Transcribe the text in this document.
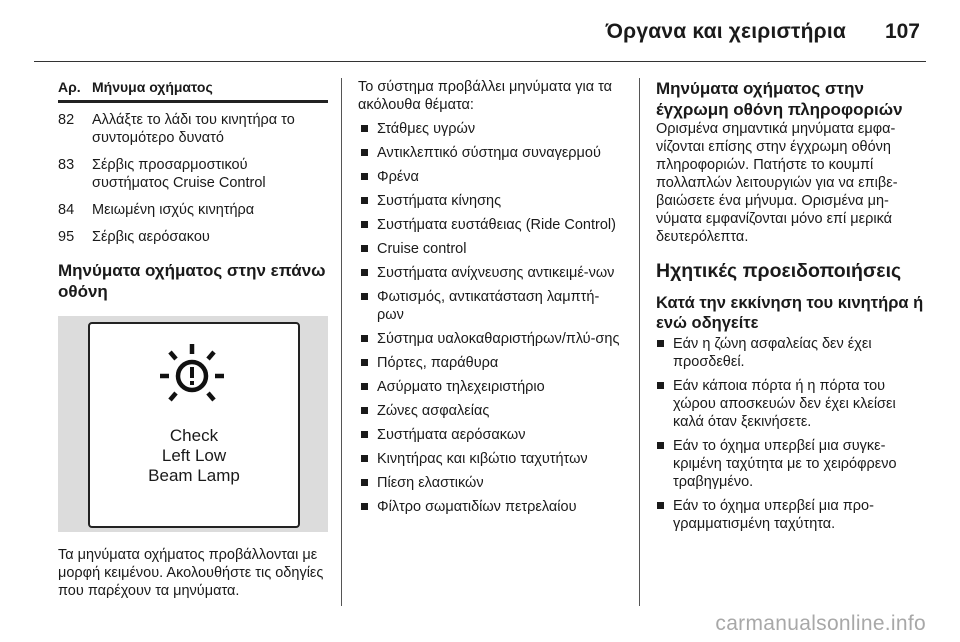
Όργανα και χειριστήρια 107
Αρ. Μήνυμα οχήματος
82	Αλλάξτε το λάδι του κινητήρα το συντομότερο δυνατό
83	Σέρβις προσαρμοστικού συστήματος Cruise Control
84	Μειωμένη ισχύς κινητήρα
95	Σέρβις αερόσακου
Μηνύματα οχήματος στην επάνω οθόνη
Check
Left Low
Beam Lamp
Τα μηνύματα οχήματος προβάλλονται με μορφή κειμένου. Ακολουθήστε τις οδηγίες που παρέχουν τα μηνύματα.
Το σύστημα προβάλλει μηνύματα για τα ακόλουθα θέματα:
Στάθμες υγρών
Αντικλεπτικό σύστημα συναγερμού
Φρένα
Συστήματα κίνησης
Συστήματα ευστάθειας (Ride Control)
Cruise control
Συστήματα ανίχνευσης αντικειμέ-νων
Φωτισμός, αντικατάσταση λαμπτή-ρων
Σύστημα υαλοκαθαριστήρων/πλύ-σης
Πόρτες, παράθυρα
Ασύρματο τηλεχειριστήριο
Ζώνες ασφαλείας
Συστήματα αερόσακων
Κινητήρας και κιβώτιο ταχυτήτων
Πίεση ελαστικών
Φίλτρο σωματιδίων πετρελαίου
Μηνύματα οχήματος στην έγχρωμη οθόνη πληροφοριών
Ορισμένα σημαντικά μηνύματα εμφα-νίζονται επίσης στην έγχρωμη οθόνη πληροφοριών. Πατήστε το κουμπί πολλαπλών λειτουργιών για να επιβε-βαιώσετε ένα μήνυμα. Ορισμένα μη-νύματα εμφανίζονται μόνο επί μερικά δευτερόλεπτα.
Ηχητικές προειδοποιήσεις
Κατά την εκκίνηση του κινητήρα ή ενώ οδηγείτε
Εάν η ζώνη ασφαλείας δεν έχει προσδεθεί.
Εάν κάποια πόρτα ή η πόρτα του χώρου αποσκευών δεν έχει κλείσει καλά όταν ξεκινήσετε.
Εάν το όχημα υπερβεί μια συγκε-κριμένη ταχύτητα με το χειρόφρενο τραβηγμένο.
Εάν το όχημα υπερβεί μια προ-γραμματισμένη ταχύτητα.
carmanualsonline.info
